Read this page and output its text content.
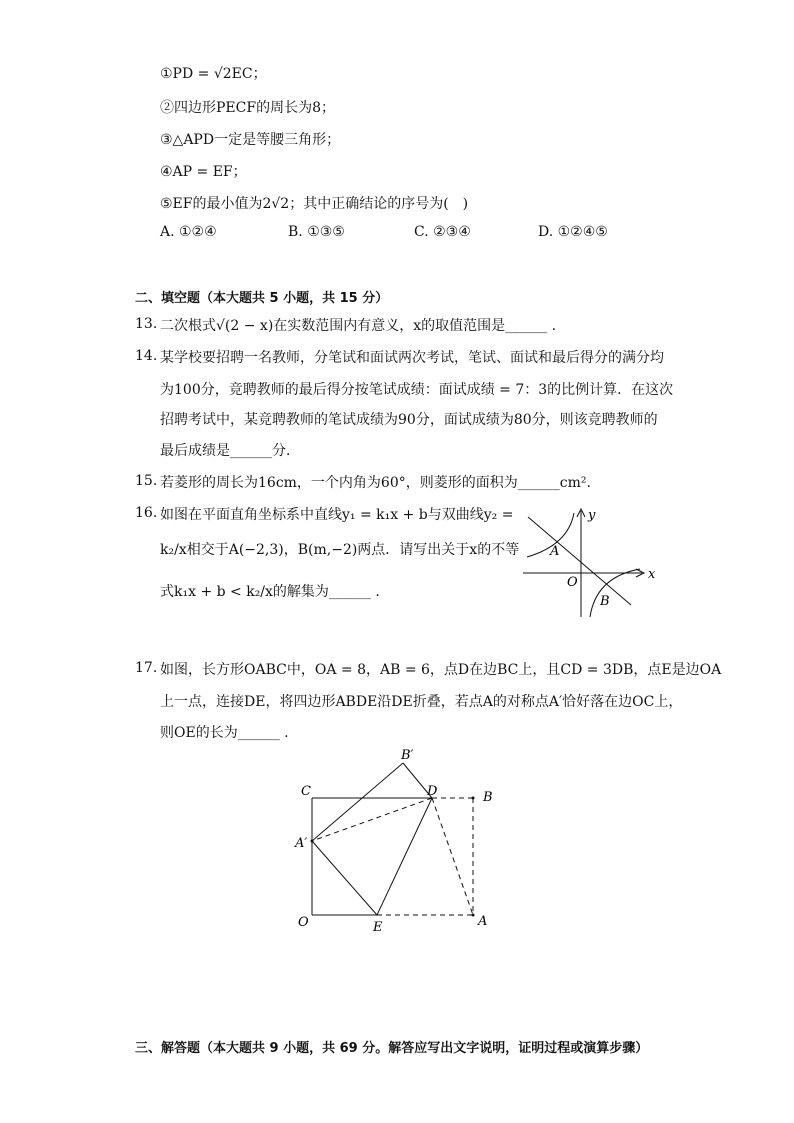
①PD = √2EC；
②四边形PECF的周长为8；
③△APD一定是等腰三角形；
④AP = EF；
⑤EF的最小值为2√2；其中正确结论的序号为(　)
A. ①②④	B. ①③⑤	C. ②③④	D. ①②④⑤
二、填空题（本大题共 5 小题，共 15 分）
13. 二次根式√(2 − x)在实数范围内有意义，x的取值范围是______ .
14. 某学校要招聘一名教师，分笔试和面试两次考试，笔试、面试和最后得分的满分均
为100分，竞聘教师的最后得分按笔试成绩：面试成绩 = 7：3的比例计算．在这次
招聘考试中，某竞聘教师的笔试成绩为90分，面试成绩为80分，则该竞聘教师的
最后成绩是______分．
15. 若菱形的周长为16cm，一个内角为60°，则菱形的面积为______cm².
16. 如图在平面直角坐标系中直线y₁ = k₁x + b与双曲线y₂ =
k₂/x相交于A(−2,3)，B(m,−2)两点．请写出关于x的不等
式k₁x + b < k₂/x的解集为______ .
y
x
O
A
B
17. 如图，长方形OABC中，OA = 8，AB = 6，点D在边BC上，且CD = 3DB，点E是边OA
上一点，连接DE，将四边形ABDE沿DE折叠，若点A的对称点A′恰好落在边OC上，
则OE的长为______ .
C	D	B
B′
A′
O	E	A
三、解答题（本大题共 9 小题，共 69 分。解答应写出文字说明，证明过程或演算步骤）
